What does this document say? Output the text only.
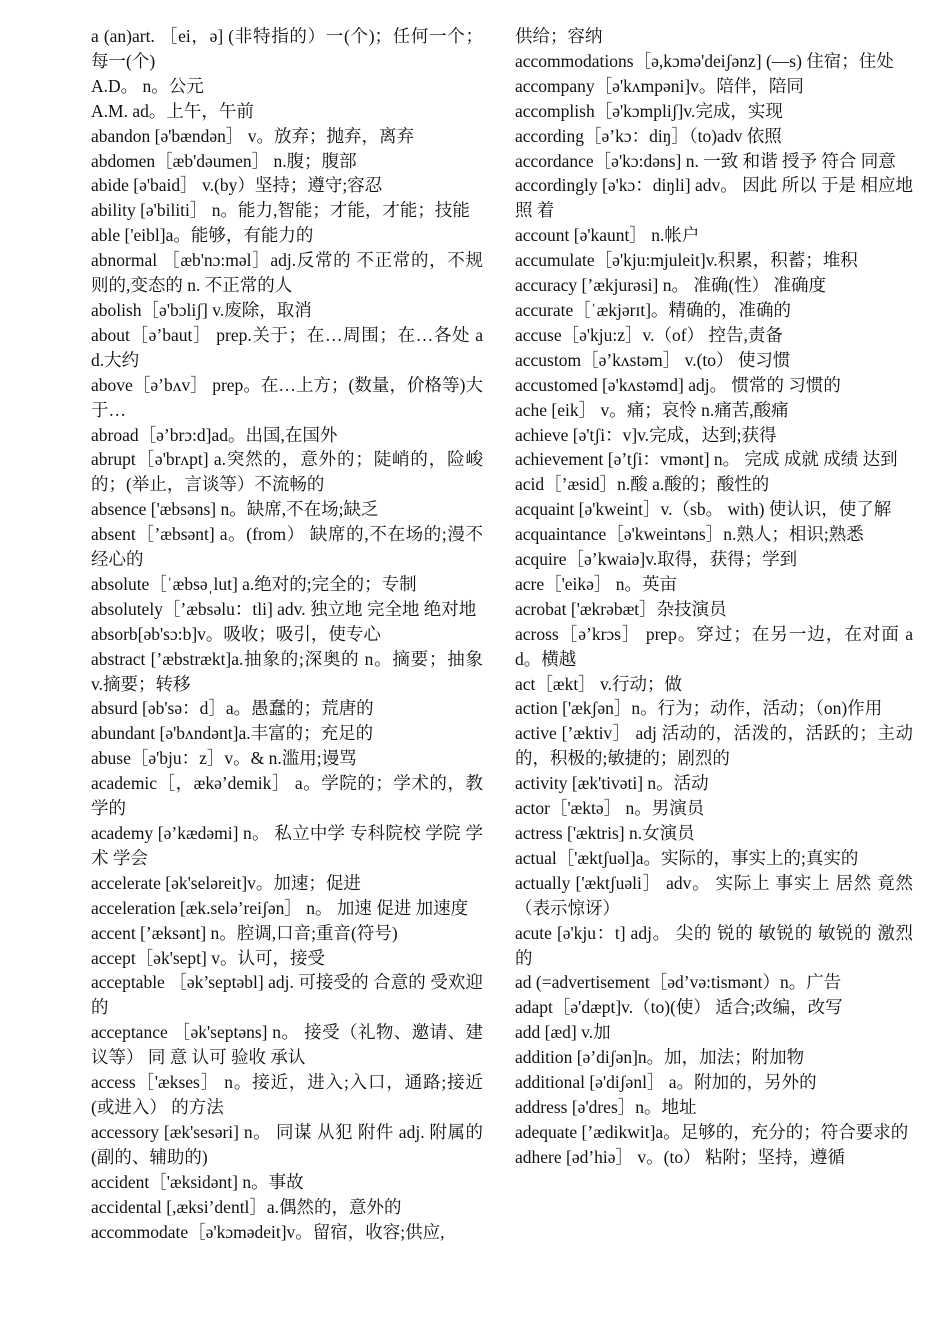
a (an)art. ［ei，ə] (非特指的）一(个)；任何一个；每一(个)

A.D。 n。公元

A.M. ad。上午，午前

abandon [ə'bændən］ v。放弃；抛弃，离弃

abdomen［æb'dəumen］ n.腹；腹部

abide [ə'baid］ v.(by）坚持；遵守;容忍

ability [ə'biliti］ n。能力,智能；才能，才能；技能

able ['eibl]a。能够，有能力的

abnormal ［æb'nɔ:məl］adj.反常的 不正常的，不规则的,变态的 n. 不正常的人

abolish［ə'bɔliʃ] v.废除，取消

about［ə’baut］ prep.关于；在…周围；在…各处 ad.大约

above［ə’bʌv］ prep。在…上方；(数量，价格等)大于…

abroad［ə’brɔ:d]ad。出国,在国外

abrupt［ə'brʌpt] a.突然的，意外的；陡峭的，险峻的；(举止，言谈等）不流畅的

absence ['æbsəns] n。缺席,不在场;缺乏

absent［’æbsənt] a。(from） 缺席的,不在场的;漫不经心的

absolute［ˈæbsəˌlut] a.绝对的;完全的；专制

absolutely［’æbsəlu：tli] adv. 独立地 完全地 绝对地

absorb[əb'sɔ:b]v。吸收；吸引，使专心

abstract [’æbstrækt]a.抽象的;深奥的 n。摘要；抽象 v.摘要；转移

absurd [əb'sə：d］a。愚蠢的；荒唐的

abundant [ə'bʌndənt]a.丰富的；充足的

abuse［ə'bju：z］v。& n.滥用;谩骂

academic［，ækə’demik］ a。学院的；学术的，教学的

academy [ə’kædəmi] n。 私立中学 专科院校 学院 学术 学会

accelerate [ək'seləreit]v。加速；促进

acceleration [æk.selə’reiʃən］ n。 加速 促进 加速度

accent [’æksənt] n。腔调,口音;重音(符号)

accept［ək'sept] v。认可，接受

acceptable ［ək’septəbl] adj. 可接受的 合意的 受欢迎的

acceptance ［ək'septəns] n。 接受（礼物、邀请、建议等） 同 意 认可 验收 承认

access［'ækses］ n。接近，进入;入口，通路;接近(或进入） 的方法

accessory [æk'sesəri] n。 同谋 从犯 附件 adj. 附属的(副的、辅助的)

accident［'æksidənt] n。事故

accidental [,æksi’dentl］a.偶然的，意外的

accommodate［ə'kɔmədeit]v。留宿，收容;供应,

供给；容纳

accommodations［ə,kɔmə'deiʃənz] (—s) 住宿；住处

accompany［ə'kʌmpəni]v。陪伴，陪同

accomplish［ə'kɔmpliʃ]v.完成，实现

according［ə’kɔ：diŋ］（to)adv 依照

accordance［ə'kɔ:dəns] n. 一致 和谐 授予 符合 同意

accordingly [ə'kɔ：diŋli] adv。 因此 所以 于是 相应地 照 着

account [ə'kaunt］ n.帐户

accumulate［ə'kju:mjuleit]v.积累，积蓄；堆积

accuracy [’ækjurəsi] n。 准确(性） 准确度

accurate［ˈækjərɪt]。精确的，准确的

accuse［ə'kju:z］v.（of） 控告,责备

accustom［ə’kʌstəm］ v.(to） 使习惯

accustomed [ə'kʌstəmd] adj。 惯常的 习惯的

ache [eik］ v。痛；哀怜 n.痛苦,酸痛

achieve [ə'tʃi：v]v.完成，达到;获得

achievement [ə’tʃi：vmənt] n。 完成 成就 成绩 达到

acid［’æsid］n.酸 a.酸的；酸性的

acquaint [ə'kweint］v.（sb。 with) 使认识，使了解

acquaintance［ə'kweintəns］n.熟人；相识;熟悉

acquire［ə’kwaiə]v.取得，获得；学到

acre［'eikə］ n。英亩

acrobat ['ækrəbæt］杂技演员

across［ə’krɔs］ prep。穿过；在另一边，在对面 ad。横越

act［ækt］ v.行动；做

action ['ækʃən］n。行为；动作，活动；（on)作用

active [’æktiv］ adj 活动的，活泼的，活跃的；主动的，积极的;敏捷的；剧烈的

activity [æk'tivəti] n。活动

actor［'æktə］ n。男演员

actress ['æktris] n.女演员

actual［'æktʃuəl]a。实际的，事实上的;真实的

actually ['æktʃuəli］ adv。 实际上 事实上 居然 竟然（表示惊讶）

acute [ə'kju：t] adj。 尖的 锐的 敏锐的 敏锐的 激烈的

ad (=advertisement［əd’və:tismənt）n。广告

adapt［ə'dæpt]v.（to)(使） 适合;改编，改写

add [æd] v.加

addition [ə’diʃən]n。加，加法；附加物

additional [ə'diʃənl］ a。附加的，另外的

address [ə'dres］n。地址

adequate [’ædikwit]a。足够的，充分的；符合要求的

adhere [əd’hiə］ v。(to） 粘附；坚持，遵循
